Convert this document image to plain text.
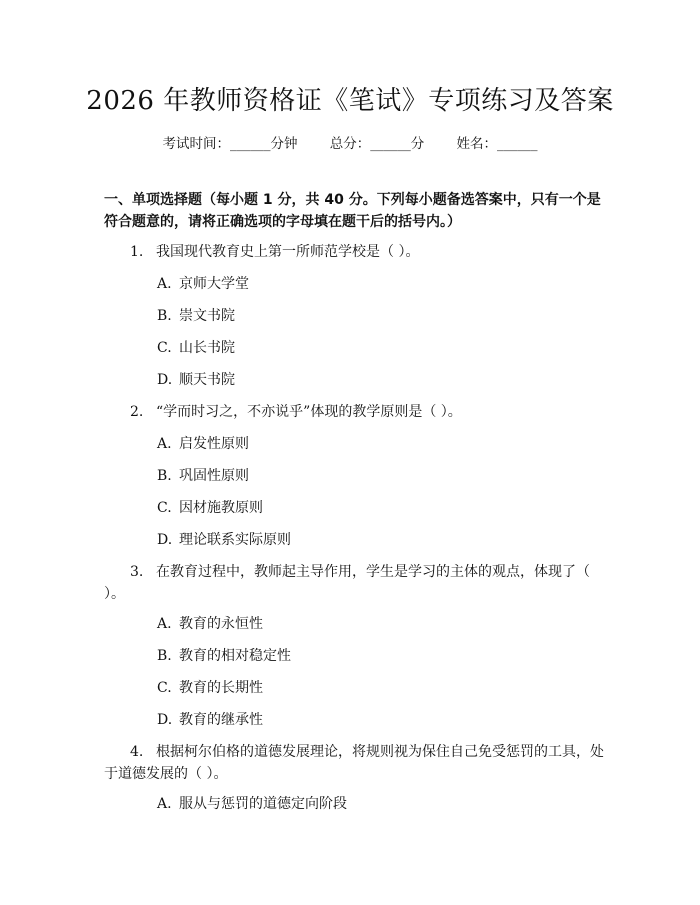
2026 年教师资格证《笔试》专项练习及答案
考试时间：______分钟 总分：______分 姓名：______
一、单项选择题（每小题 1 分，共 40 分。下列每小题备选答案中，只有一个是符合题意的，请将正确选项的字母填在题干后的括号内。）
1. 我国现代教育史上第一所师范学校是（ ）。
A. 京师大学堂
B. 崇文书院
C. 山长书院
D. 顺天书院
2. “学而时习之，不亦说乎”体现的教学原则是（ ）。
A. 启发性原则
B. 巩固性原则
C. 因材施教原则
D. 理论联系实际原则
3. 在教育过程中，教师起主导作用，学生是学习的主体的观点，体现了（ ）。
A. 教育的永恒性
B. 教育的相对稳定性
C. 教育的长期性
D. 教育的继承性
4. 根据柯尔伯格的道德发展理论，将规则视为保住自己免受惩罚的工具，处于道德发展的（ ）。
A. 服从与惩罚的道德定向阶段
